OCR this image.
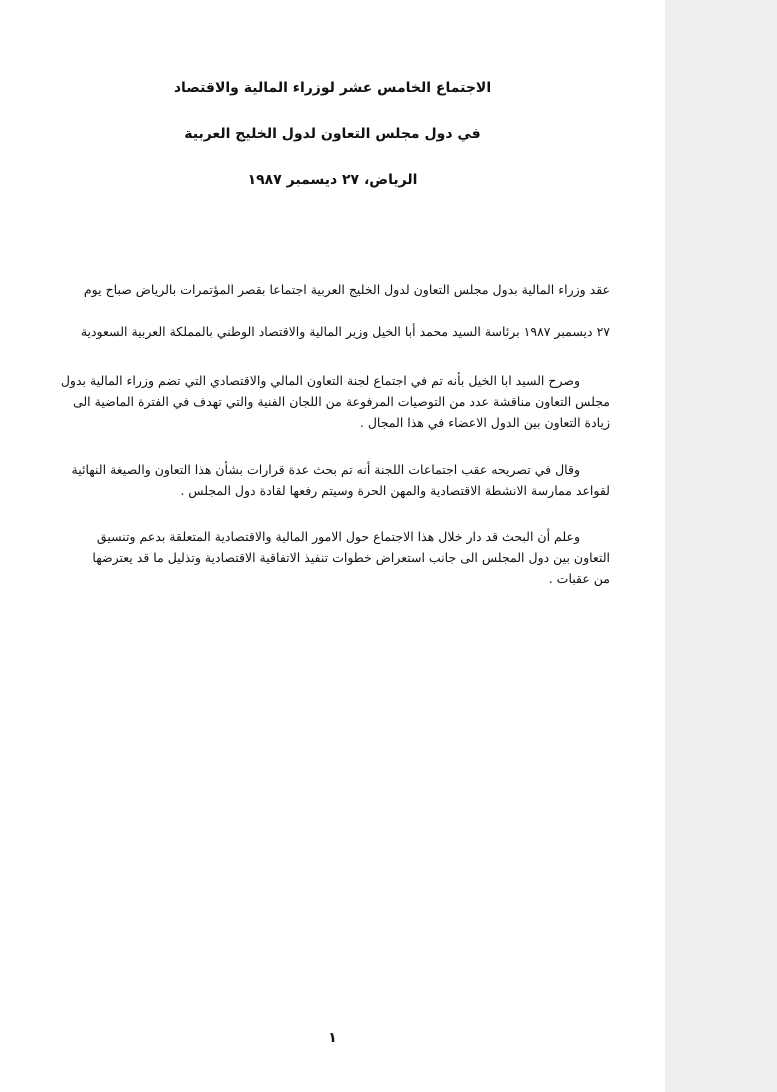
الاجتماع الخامس عشر لوزراء المالية والاقتصاد
في دول مجلس التعاون لدول الخليج العربية
الرياض، ٢٧ ديسمبر ١٩٨٧
عقد وزراء المالية بدول مجلس التعاون لدول الخليج العربية اجتماعا بقصر المؤتمرات بالرياض صباح يوم
٢٧ ديسمبر ١٩٨٧ برئاسة السيد محمد أبا الخيل وزير المالية والاقتصاد الوطني بالمملكة العربية السعودية
وصرح السيد ابا الخيل بأنه تم في اجتماع لجنة التعاون المالي والاقتصادي التي تضم وزراء المالية بدول
مجلس التعاون مناقشة عدد من التوصيات المرفوعة من اللجان الفنية والتي تهدف في الفترة الماضية الى
زيادة التعاون بين الدول الاعضاء في هذا المجال .
وقال في تصريحه عقب اجتماعات اللجنة أنه تم بحث عدة قرارات بشأن هذا التعاون والصيغة النهائية
لقواعد ممارسة الانشطة الاقتصادية والمهن الحرة وسيتم رفعها لقادة دول المجلس .
وعلم أن البحث قد دار خلال هذا الاجتماع حول الامور المالية والاقتصادية المتعلقة بدعم وتنسيق
التعاون بين دول المجلس الى جانب استعراض خطوات تنفيذ الاتفاقية الاقتصادية وتذليل ما قد يعترضها
من عقبات .
١
